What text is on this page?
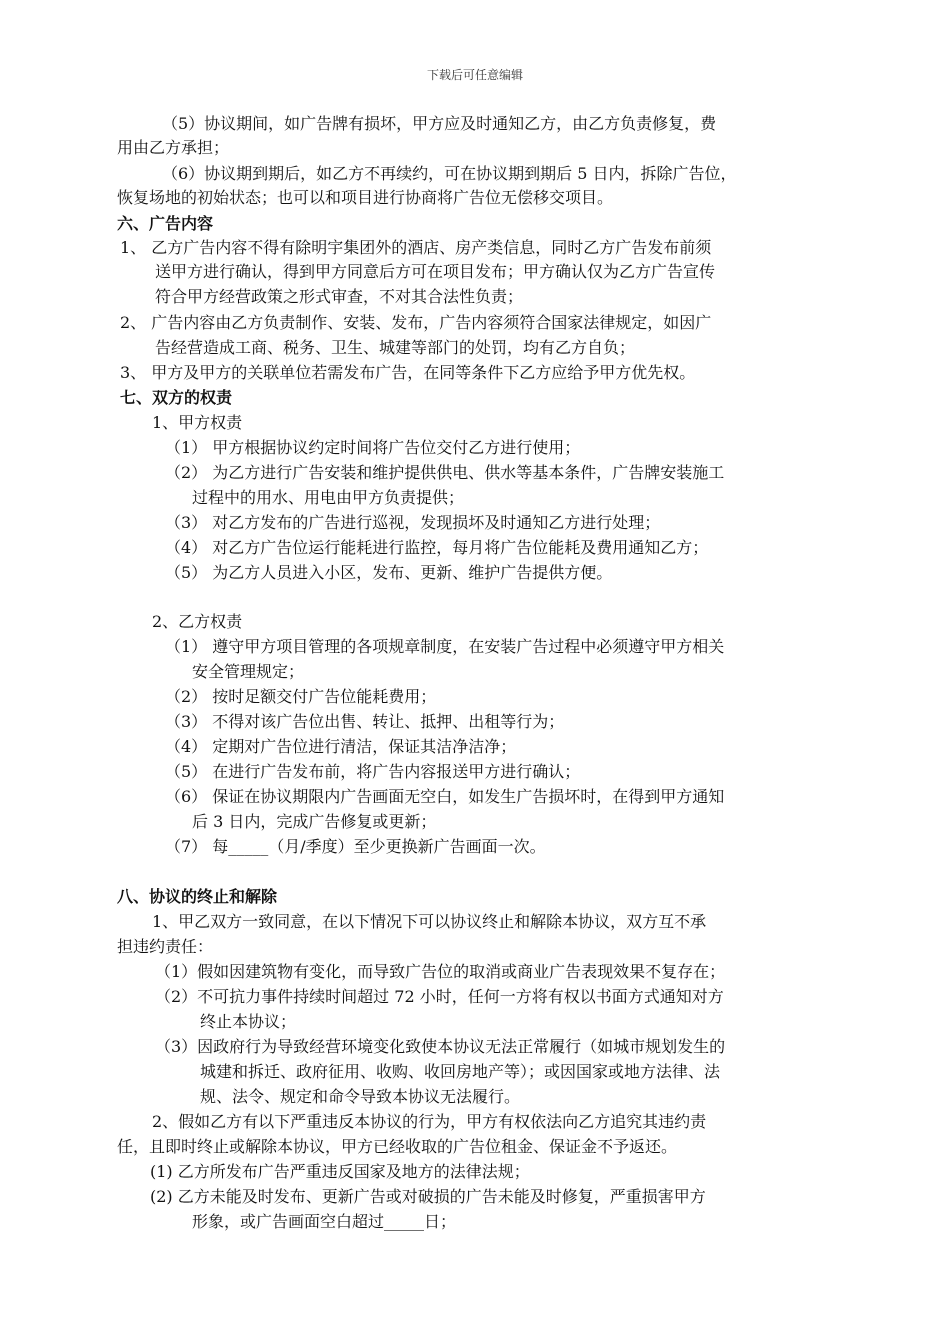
下载后可任意编辑
（5）协议期间，如广告牌有损坏，甲方应及时通知乙方，由乙方负责修复，费
用由乙方承担；
（6）协议期到期后，如乙方不再续约，可在协议期到期后 5 日内，拆除广告位，
恢复场地的初始状态；也可以和项目进行协商将广告位无偿移交项目。
六、广告内容
1、 乙方广告内容不得有除明宇集团外的酒店、房产类信息，同时乙方广告发布前须
送甲方进行确认，得到甲方同意后方可在项目发布；甲方确认仅为乙方广告宣传
符合甲方经营政策之形式审查，不对其合法性负责；
2、 广告内容由乙方负责制作、安装、发布，广告内容须符合国家法律规定，如因广
告经营造成工商、税务、卫生、城建等部门的处罚，均有乙方自负；
3、 甲方及甲方的关联单位若需发布广告，在同等条件下乙方应给予甲方优先权。
七、双方的权责
1、甲方权责
（1） 甲方根据协议约定时间将广告位交付乙方进行使用；
（2） 为乙方进行广告安装和维护提供供电、供水等基本条件，广告牌安装施工
过程中的用水、用电由甲方负责提供；
（3） 对乙方发布的广告进行巡视，发现损坏及时通知乙方进行处理；
（4） 对乙方广告位运行能耗进行监控，每月将广告位能耗及费用通知乙方；
（5） 为乙方人员进入小区，发布、更新、维护广告提供方便。
2、乙方权责
（1） 遵守甲方项目管理的各项规章制度，在安装广告过程中必须遵守甲方相关
安全管理规定；
（2） 按时足额交付广告位能耗费用；
（3） 不得对该广告位出售、转让、抵押、出租等行为；
（4） 定期对广告位进行清洁，保证其洁净洁净；
（5） 在进行广告发布前，将广告内容报送甲方进行确认；
（6） 保证在协议期限内广告画面无空白，如发生广告损坏时，在得到甲方通知
后 3 日内，完成广告修复或更新；
（7） 每_____（月/季度）至少更换新广告画面一次。
八、协议的终止和解除
1、甲乙双方一致同意，在以下情况下可以协议终止和解除本协议，双方互不承
担违约责任：
（1）假如因建筑物有变化，而导致广告位的取消或商业广告表现效果不复存在；
（2）不可抗力事件持续时间超过 72 小时，任何一方将有权以书面方式通知对方
终止本协议；
（3）因政府行为导致经营环境变化致使本协议无法正常履行（如城市规划发生的
城建和拆迁、政府征用、收购、收回房地产等）；或因国家或地方法律、法
规、法令、规定和命令导致本协议无法履行。
2、假如乙方有以下严重违反本协议的行为，甲方有权依法向乙方追究其违约责
任，且即时终止或解除本协议，甲方已经收取的广告位租金、保证金不予返还。
(1) 乙方所发布广告严重违反国家及地方的法律法规；
(2) 乙方未能及时发布、更新广告或对破损的广告未能及时修复，严重损害甲方
形象，或广告画面空白超过_____日；
